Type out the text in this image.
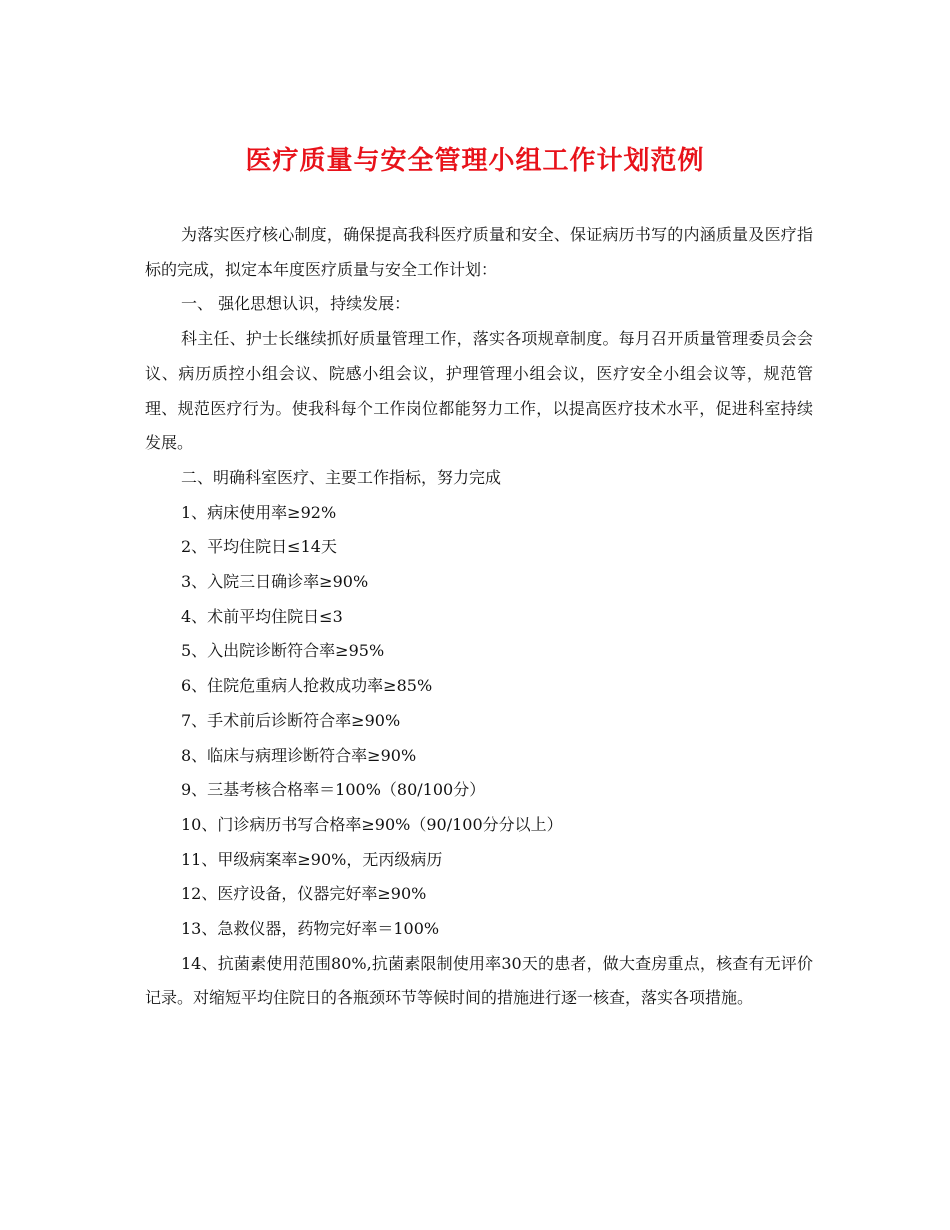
医疗质量与安全管理小组工作计划范例

为落实医疗核心制度，确保提高我科医疗质量和安全、保证病历书写的内涵质量及医疗指标的完成，拟定本年度医疗质量与安全工作计划：

一、 强化思想认识，持续发展：

科主任、护士长继续抓好质量管理工作，落实各项规章制度。每月召开质量管理委员会会议、病历质控小组会议、院感小组会议，护理管理小组会议，医疗安全小组会议等，规范管理、规范医疗行为。使我科每个工作岗位都能努力工作，以提高医疗技术水平，促进科室持续发展。

二、明确科室医疗、主要工作指标，努力完成

1、病床使用率≥92%

2、平均住院日≤14天

3、入院三日确诊率≥90%

4、术前平均住院日≤3

5、入出院诊断符合率≥95%

6、住院危重病人抢救成功率≥85%

7、手术前后诊断符合率≥90%

8、临床与病理诊断符合率≥90%

9、三基考核合格率＝100%（80/100分）

10、门诊病历书写合格率≥90%（90/100分分以上）

11、甲级病案率≥90%，无丙级病历

12、医疗设备，仪器完好率≥90%

13、急救仪器，药物完好率＝100%

14、抗菌素使用范围80%,抗菌素限制使用率30天的患者，做大查房重点，核查有无评价记录。对缩短平均住院日的各瓶颈环节等候时间的措施进行逐一核查，落实各项措施。
